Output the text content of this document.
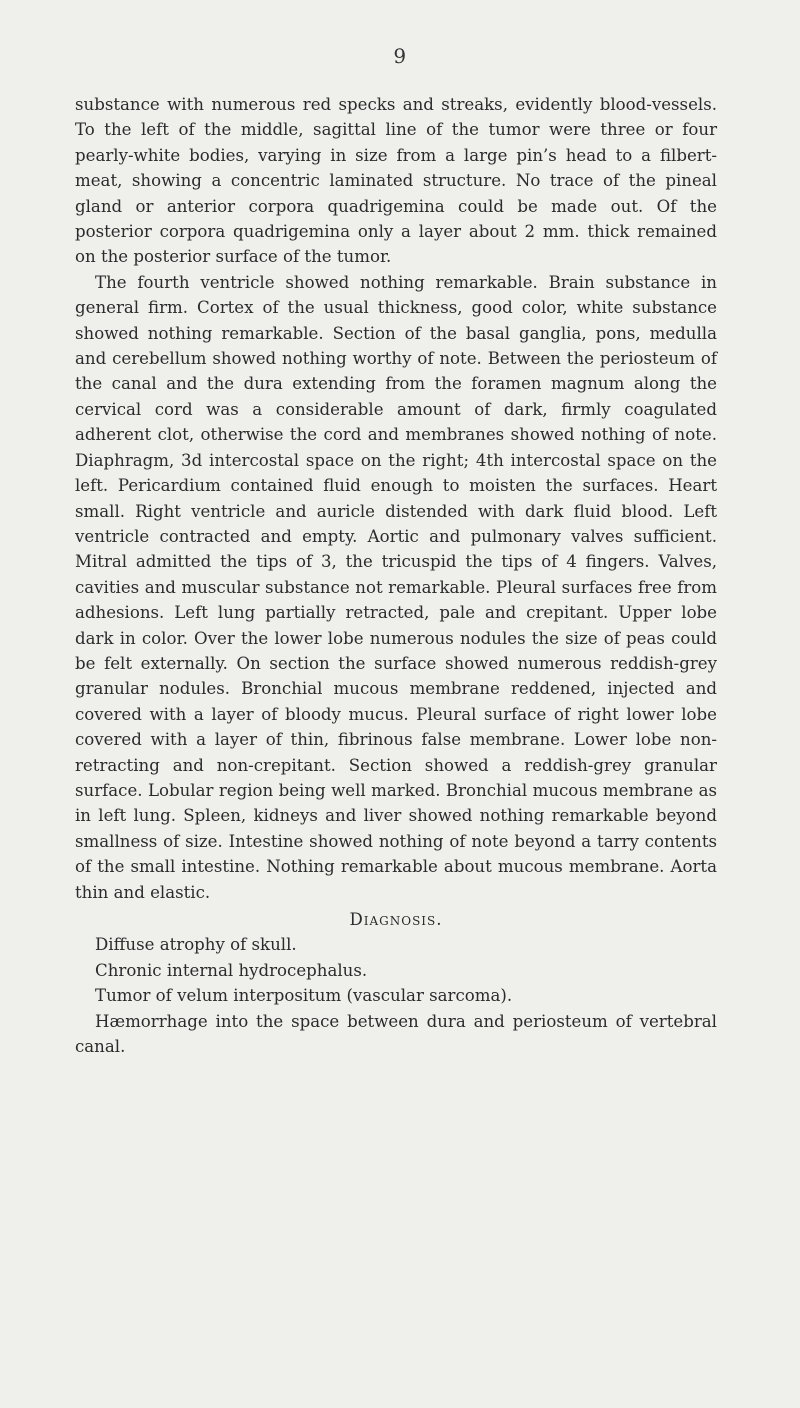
9

substance with numerous red specks and streaks, evidently blood-vessels. To the left of the middle, sagittal line of the tumor were three or four pearly-white bodies, varying in size from a large pin’s head to a filbert-meat, showing a concentric laminated structure. No trace of the pineal gland or anterior corpora quadrigemina could be made out. Of the posterior corpora quadrigemina only a layer about 2 mm. thick remained on the posterior surface of the tumor.

The fourth ventricle showed nothing remarkable. Brain substance in general firm. Cortex of the usual thickness, good color, white substance showed nothing remarkable. Section of the basal ganglia, pons, medulla and cerebellum showed nothing worthy of note. Between the periosteum of the canal and the dura extending from the foramen magnum along the cervical cord was a considerable amount of dark, firmly coagulated adherent clot, otherwise the cord and membranes showed nothing of note. Diaphragm, 3d intercostal space on the right; 4th intercostal space on the left. Pericardium contained fluid enough to moisten the surfaces. Heart small. Right ventricle and auricle distended with dark fluid blood. Left ventricle contracted and empty. Aortic and pulmonary valves sufficient. Mitral admitted the tips of 3, the tricuspid the tips of 4 fingers. Valves, cavities and muscular substance not remarkable. Pleural surfaces free from adhesions. Left lung partially retracted, pale and crepitant. Upper lobe dark in color. Over the lower lobe numerous nodules the size of peas could be felt externally. On section the surface showed numerous reddish-grey granular nodules. Bronchial mucous membrane reddened, injected and covered with a layer of bloody mucus. Pleural surface of right lower lobe covered with a layer of thin, fibrinous false membrane. Lower lobe non-retracting and non-crepitant. Section showed a reddish-grey granular surface. Lobular region being well marked. Bronchial mucous membrane as in left lung. Spleen, kidneys and liver showed nothing remarkable beyond smallness of size. Intestine showed nothing of note beyond a tarry contents of the small intestine. Nothing remarkable about mucous membrane. Aorta thin and elastic.

Diagnosis.

Diffuse atrophy of skull.

Chronic internal hydrocephalus.

Tumor of velum interpositum (vascular sarcoma).

Hæmorrhage into the space between dura and periosteum of vertebral canal.
